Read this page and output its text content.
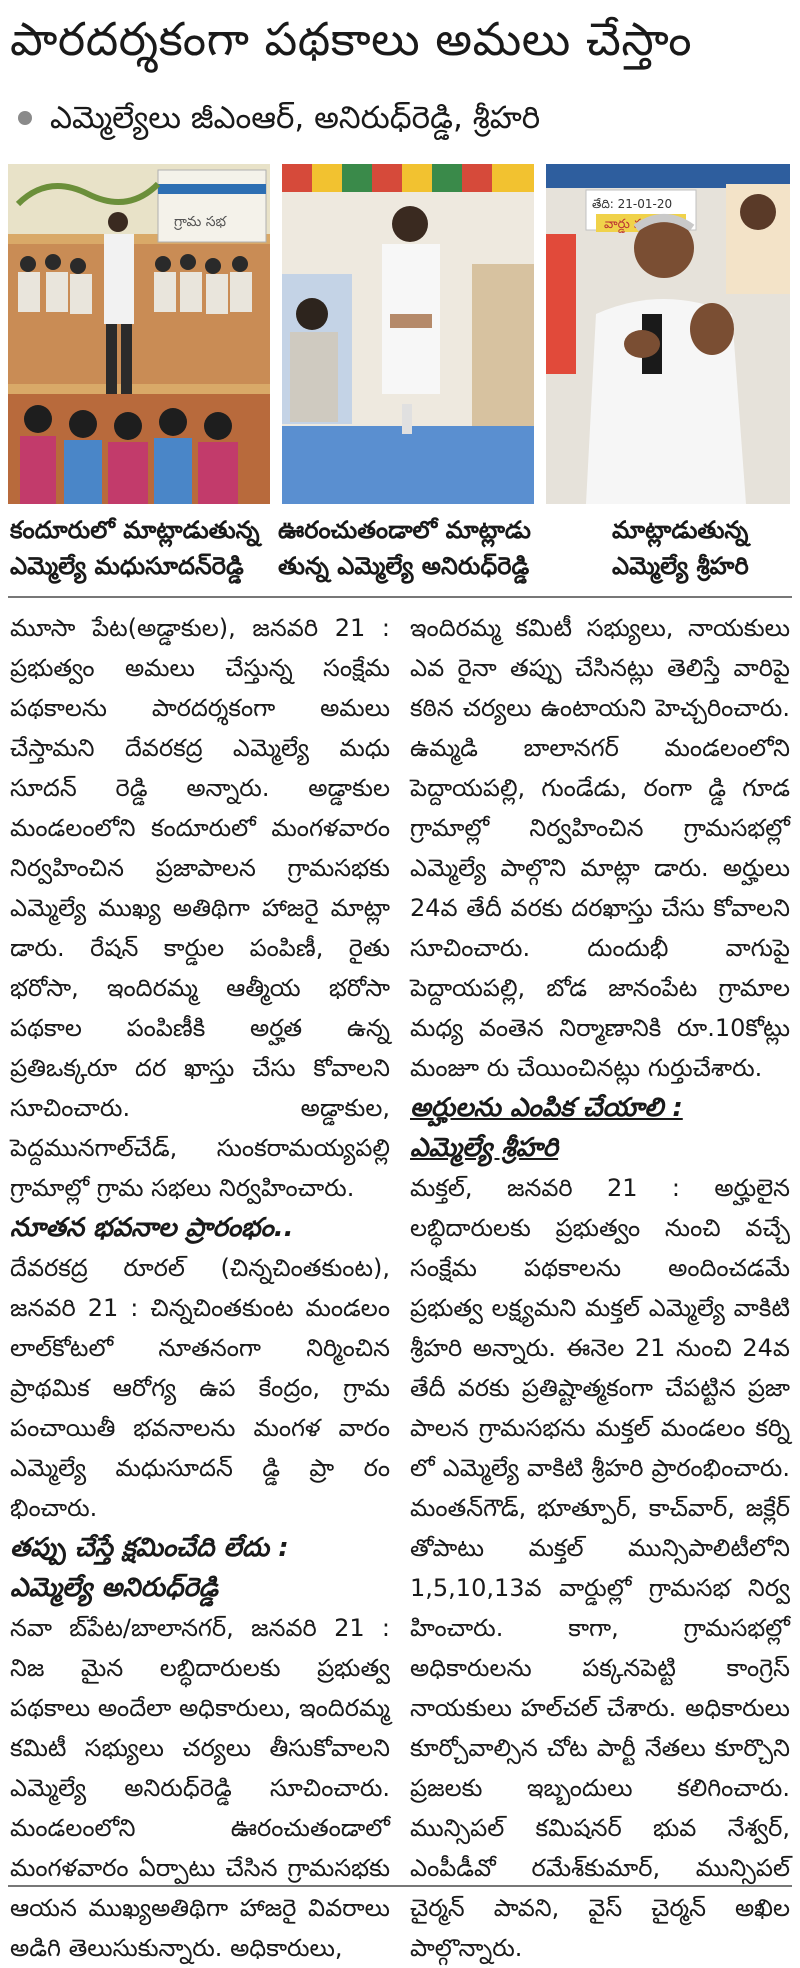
పారదర్శకంగా పథకాలు అమలు చేస్తాం
ఎమ్మెల్యేలు జీఎంఆర్, అనిరుధ్‌రెడ్డి, శ్రీహరి
గ్రామ సభ
తేది: 21-01-20
వార్డు స
కందూరులో మాట్లాడుతున్న
ఎమ్మెల్యే మధుసూదన్‌రెడ్డి
ఊరంచుతండాలో మాట్లాడు
తున్న ఎమ్మెల్యే అనిరుధ్‌రెడ్డి
మాట్లాడుతున్న
ఎమ్మెల్యే శ్రీహరి

మూసా పేట(అడ్డాకుల), జనవరి 21 : ప్రభుత్వం అమలు చేస్తున్న సంక్షేమ పథకాలను పారదర్శకంగా అమలు చేస్తామని దేవరకద్ర ఎమ్మెల్యే మధు సూదన్ రెడ్డి అన్నారు. అడ్డాకుల మండలంలోని కందూరులో మంగళవారం నిర్వహించిన ప్రజాపాలన గ్రామసభకు ఎమ్మెల్యే ముఖ్య అతిథిగా హాజరై మాట్లా డారు. రేషన్ కార్డుల పంపిణీ, రైతు భరోసా, ఇందిరమ్మ ఆత్మీయ భరోసా పథకాల పంపిణీకి అర్హత ఉన్న ప్రతిఒక్కరూ దర ఖాస్తు చేసు కోవాలని సూచించారు. అడ్డాకుల, పెద్దమునగాల్‌చేడ్, సుంకరామయ్యపల్లి గ్రామాల్లో గ్రామ సభలు నిర్వహించారు.

నూతన భవనాల ప్రారంభం..

దేవరకద్ర రూరల్ (చిన్నచింతకుంట), జనవరి 21 : చిన్నచింతకుంట మండలం లాల్‌కోటలో నూతనంగా నిర్మించిన ప్రాథమిక ఆరోగ్య ఉప కేంద్రం, గ్రామ పంచాయితీ భవనాలను మంగళ వారం ఎమ్మెల్యే మధుసూదన్ డ్డి ప్రా రం భించారు.

తప్పు చేస్తే క్షమించేది లేదు :

ఎమ్మెల్యే అనిరుధ్‌రెడ్డి

నవా బ్‌పేట/బాలానగర్, జనవరి 21 : నిజ మైన లబ్ధిదారులకు ప్రభుత్వ పథకాలు అందేలా అధికారులు, ఇందిరమ్మ కమిటీ సభ్యులు చర్యలు తీసుకోవాలని ఎమ్మెల్యే అనిరుధ్‌రెడ్డి సూచించారు. మండలంలోని ఊరంచుతండాలో మంగళవారం ఏర్పాటు చేసిన గ్రామసభకు ఆయన ముఖ్యఅతిథిగా హాజరై వివరాలు అడిగి తెలుసుకున్నారు. అధికారులు,

ఇందిరమ్మ కమిటీ సభ్యులు, నాయకులు ఎవ రైనా తప్పు చేసినట్లు తెలిస్తే వారిపై కఠిన చర్యలు ఉంటాయని హెచ్చరించారు. ఉమ్మడి బాలానగర్ మండలంలోని పెద్దాయపల్లి, గుండేడు, రంగా డ్డి గూడ గ్రామాల్లో నిర్వహించిన గ్రామసభల్లో ఎమ్మెల్యే పాల్గొని మాట్లా డారు. అర్హులు 24వ తేదీ వరకు దరఖాస్తు చేసు కోవాలని సూచించారు. దుందుభీ వాగుపై పెద్దాయపల్లి, బోడ జానంపేట గ్రామాల మధ్య వంతెన నిర్మాణానికి రూ.10కోట్లు మంజూ రు చేయించినట్లు గుర్తుచేశారు.

అర్హులను ఎంపిక చేయాలి :

ఎమ్మెల్యే శ్రీహరి

మక్తల్, జనవరి 21 : అర్హులైన లబ్ధిదారులకు ప్రభుత్వం నుంచి వచ్చే సంక్షేమ పథకాలను అందించడమే ప్రభుత్వ లక్ష్యమని మక్తల్ ఎమ్మెల్యే వాకిటి శ్రీహరి అన్నారు. ఈనెల 21 నుంచి 24వ తేదీ వరకు ప్రతిష్టాత్మకంగా చేపట్టిన ప్రజా పాలన గ్రామసభను మక్తల్ మండలం కర్ని లో ఎమ్మెల్యే వాకిటి శ్రీహరి ప్రారంభించారు. మంతన్‌గౌడ్, భూత్పూర్, కాచ్‌వార్, జక్లేర్ తోపాటు మక్తల్ మున్సిపాలిటీలోని 1,5,10,13వ వార్డుల్లో గ్రామసభ నిర్వ హించారు. కాగా, గ్రామసభల్లో అధికారులను పక్కనపెట్టి కాంగ్రెస్ నాయకులు హల్‌చల్ చేశారు. అధికారులు కూర్చోవాల్సిన చోట పార్టీ నేతలు కూర్చొని ప్రజలకు ఇబ్బందులు కలిగించారు. మున్సిపల్ కమిషనర్ భువ నేశ్వర్, ఎంపీడీవో రమేశ్‌కుమార్, మున్సిపల్ చైర్మన్ పావని, వైస్ చైర్మన్ అఖిల పాల్గొన్నారు.
